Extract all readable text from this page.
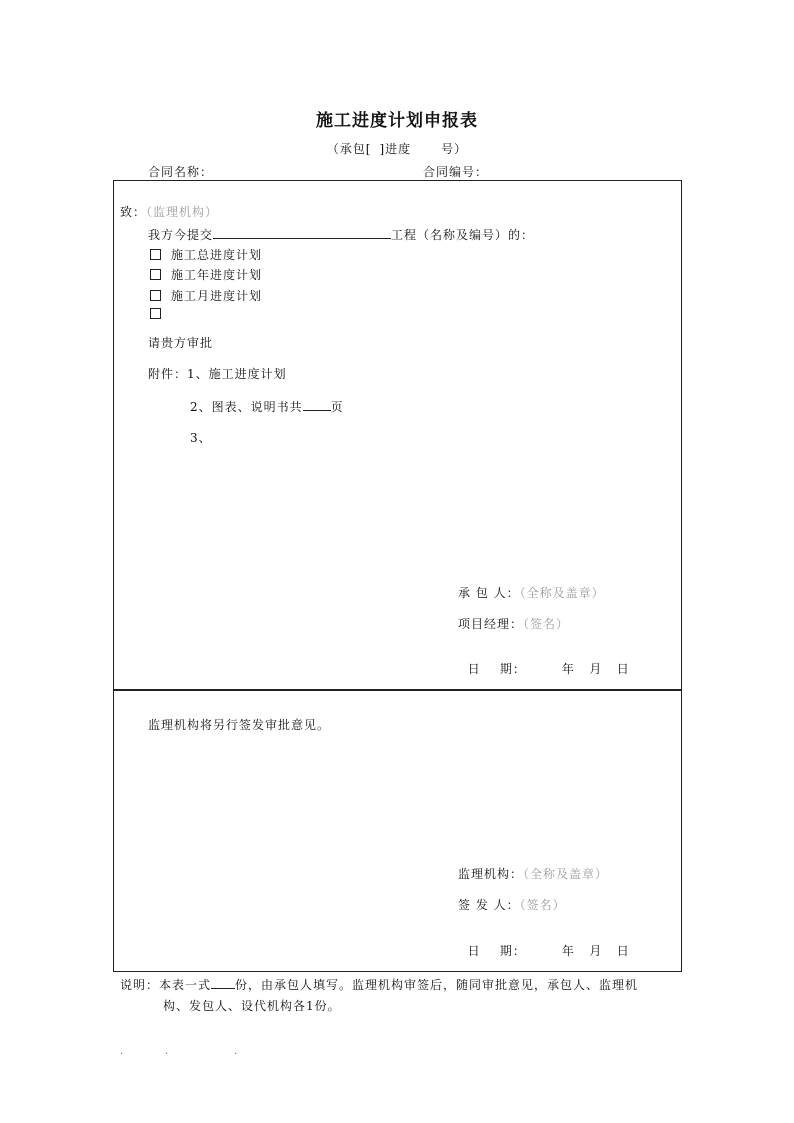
施工进度计划申报表
（承包[ ]进度	号）
合同名称：	合同编号：
致：（监理机构）
我方今提交	工程（名称及编号）的：
施工总进度计划
施工年进度计划
施工月进度计划
请贵方审批
附件：1、施工进度计划
2、图表、说明书共 页
3、
承 包 人：（全称及盖章）
项目经理：（签名）

日    期：	年   月   日

监理机构将另行签发审批意见。
监理机构：（全称及盖章）
签 发 人：（签名）

日    期：	年   月   日

说明：本表一式 份，由承包人填写。监理机构审签后，随同审批意见，承包人、监理机
构、发包人、设代机构各1份。
.	.	.
